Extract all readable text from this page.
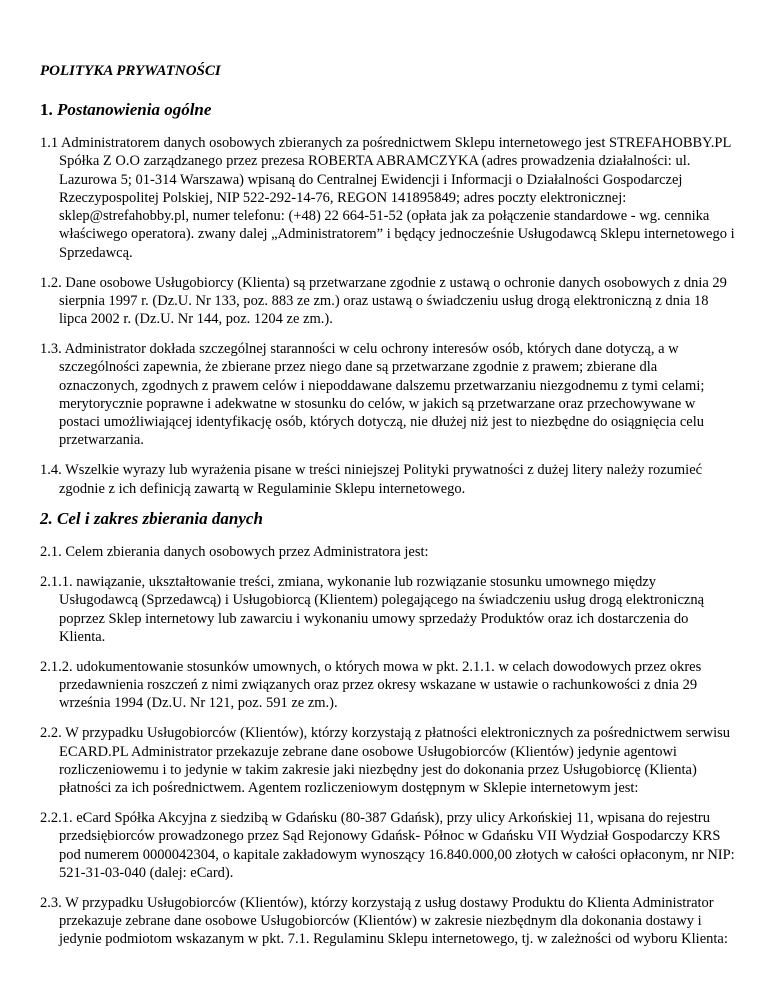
POLITYKA PRYWATNOŚCI
1. Postanowienia ogólne

1.1 Administratorem danych osobowych zbieranych za pośrednictwem Sklepu internetowego jest STREFAHOBBY.PL Spółka Z O.O zarządzanego przez prezesa ROBERTA ABRAMCZYKA (adres prowadzenia działalności: ul. Lazurowa 5; 01-314 Warszawa) wpisaną do Centralnej Ewidencji i Informacji o Działalności Gospodarczej Rzeczypospolitej Polskiej, NIP 522-292-14-76, REGON 141895849; adres poczty elektronicznej: sklep@strefahobby.pl, numer telefonu: (+48) 22 664-51-52 (opłata jak za połączenie standardowe - wg. cennika właściwego operatora). zwany dalej „Administratorem” i będący jednocześnie Usługodawcą Sklepu internetowego i Sprzedawcą.

1.2. Dane osobowe Usługobiorcy (Klienta) są przetwarzane zgodnie z ustawą o ochronie danych osobowych z dnia 29 sierpnia 1997 r. (Dz.U. Nr 133, poz. 883 ze zm.) oraz ustawą o świadczeniu usług drogą elektroniczną z dnia 18 lipca 2002 r. (Dz.U. Nr 144, poz. 1204 ze zm.).

1.3. Administrator dokłada szczególnej staranności w celu ochrony interesów osób, których dane dotyczą, a w szczególności zapewnia, że zbierane przez niego dane są przetwarzane zgodnie z prawem; zbierane dla oznaczonych, zgodnych z prawem celów i niepoddawane dalszemu przetwarzaniu niezgodnemu z tymi celami; merytorycznie poprawne i adekwatne w stosunku do celów, w jakich są przetwarzane oraz przechowywane w postaci umożliwiającej identyfikację osób, których dotyczą, nie dłużej niż jest to niezbędne do osiągnięcia celu przetwarzania.

1.4. Wszelkie wyrazy lub wyrażenia pisane w treści niniejszej Polityki prywatności z dużej litery należy rozumieć zgodnie z ich definicją zawartą w Regulaminie Sklepu internetowego.

2. Cel i zakres zbierania danych

2.1. Celem zbierania danych osobowych przez Administratora jest:

2.1.1. nawiązanie, ukształtowanie treści, zmiana, wykonanie lub rozwiązanie stosunku umownego między Usługodawcą (Sprzedawcą) i Usługobiorcą (Klientem) polegającego na świadczeniu usług drogą elektroniczną poprzez Sklep internetowy lub zawarciu i wykonaniu umowy sprzedaży Produktów oraz ich dostarczenia do Klienta.

2.1.2. udokumentowanie stosunków umownych, o których mowa w pkt. 2.1.1. w celach dowodowych przez okres przedawnienia roszczeń z nimi związanych oraz przez okresy wskazane w ustawie o rachunkowości z dnia 29 września 1994 (Dz.U. Nr 121, poz. 591 ze zm.).

2.2. W przypadku Usługobiorców (Klientów), którzy korzystają z płatności elektronicznych za pośrednictwem serwisu ECARD.PL Administrator przekazuje zebrane dane osobowe Usługobiorców (Klientów) jedynie agentowi rozliczeniowemu i to jedynie w takim zakresie jaki niezbędny jest do dokonania przez Usługobiorcę (Klienta) płatności za ich pośrednictwem. Agentem rozliczeniowym dostępnym w Sklepie internetowym jest:

2.2.1. eCard Spółka Akcyjna z siedzibą w Gdańsku (80-387 Gdańsk), przy ulicy Arkońskiej 11, wpisana do rejestru przedsiębiorców prowadzonego przez Sąd Rejonowy Gdańsk- Północ w Gdańsku VII Wydział Gospodarczy KRS pod numerem 0000042304, o kapitale zakładowym wynoszący 16.840.000,00 złotych w całości opłaconym, nr NIP: 521-31-03-040 (dalej: eCard).

2.3. W przypadku Usługobiorców (Klientów), którzy korzystają z usług dostawy Produktu do Klienta Administrator przekazuje zebrane dane osobowe Usługobiorców (Klientów) w zakresie niezbędnym dla dokonania dostawy i jedynie podmiotom wskazanym w pkt. 7.1. Regulaminu Sklepu internetowego, tj. w zależności od wyboru Klienta:
